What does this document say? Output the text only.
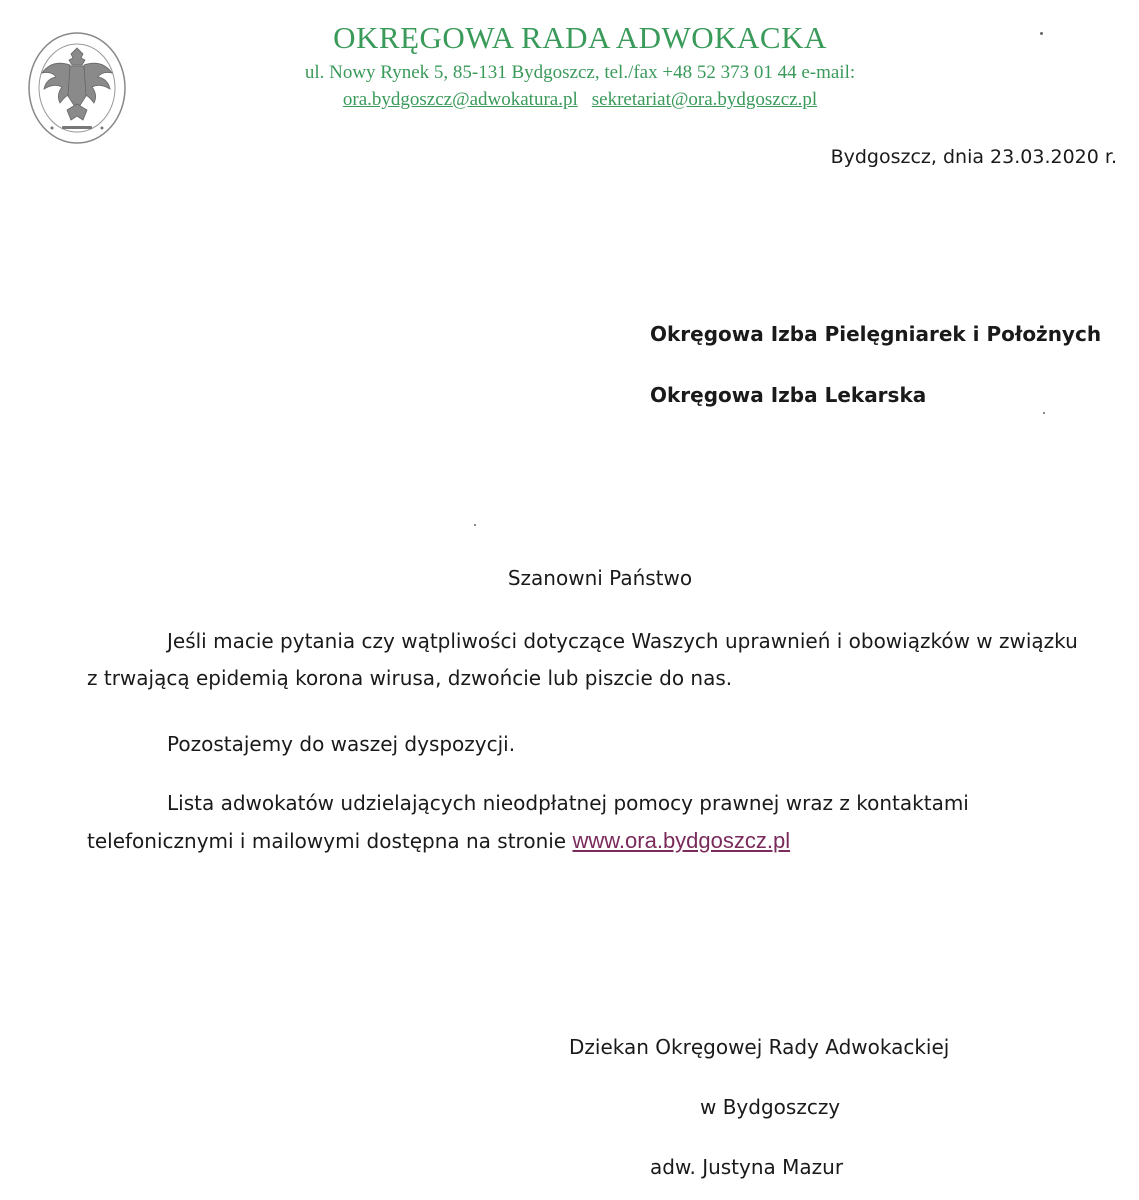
OKRĘGOWA RADA ADWOKACKA
ul. Nowy Rynek 5, 85-131 Bydgoszcz, tel./fax +48 52 373 01 44 e-mail:
ora.bydgoszcz@adwokatura.pl sekretariat@ora.bydgoszcz.pl
Bydgoszcz, dnia 23.03.2020 r.
Okręgowa Izba Pielęgniarek i Położnych
Okręgowa Izba Lekarska
Szanowni Państwo
Jeśli macie pytania czy wątpliwości dotyczące Waszych uprawnień i obowiązków w związku z trwającą epidemią korona wirusa, dzwońcie lub piszcie do nas.
Pozostajemy do waszej dyspozycji.
Lista adwokatów udzielających nieodpłatnej pomocy prawnej wraz z kontaktami telefonicznymi i mailowymi dostępna na stronie www.ora.bydgoszcz.pl
Dziekan Okręgowej Rady Adwokackiej
w Bydgoszczy
adw. Justyna Mazur
